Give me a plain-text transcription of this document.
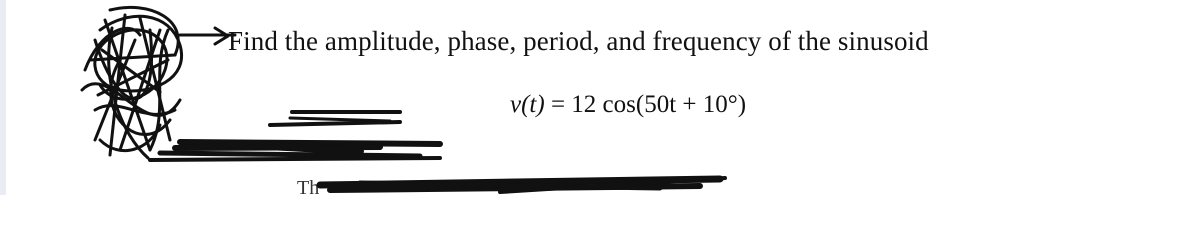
Find the amplitude, phase, period, and frequency of the sinusoid
v(t) = 12 cos(50t + 10°)
Th
